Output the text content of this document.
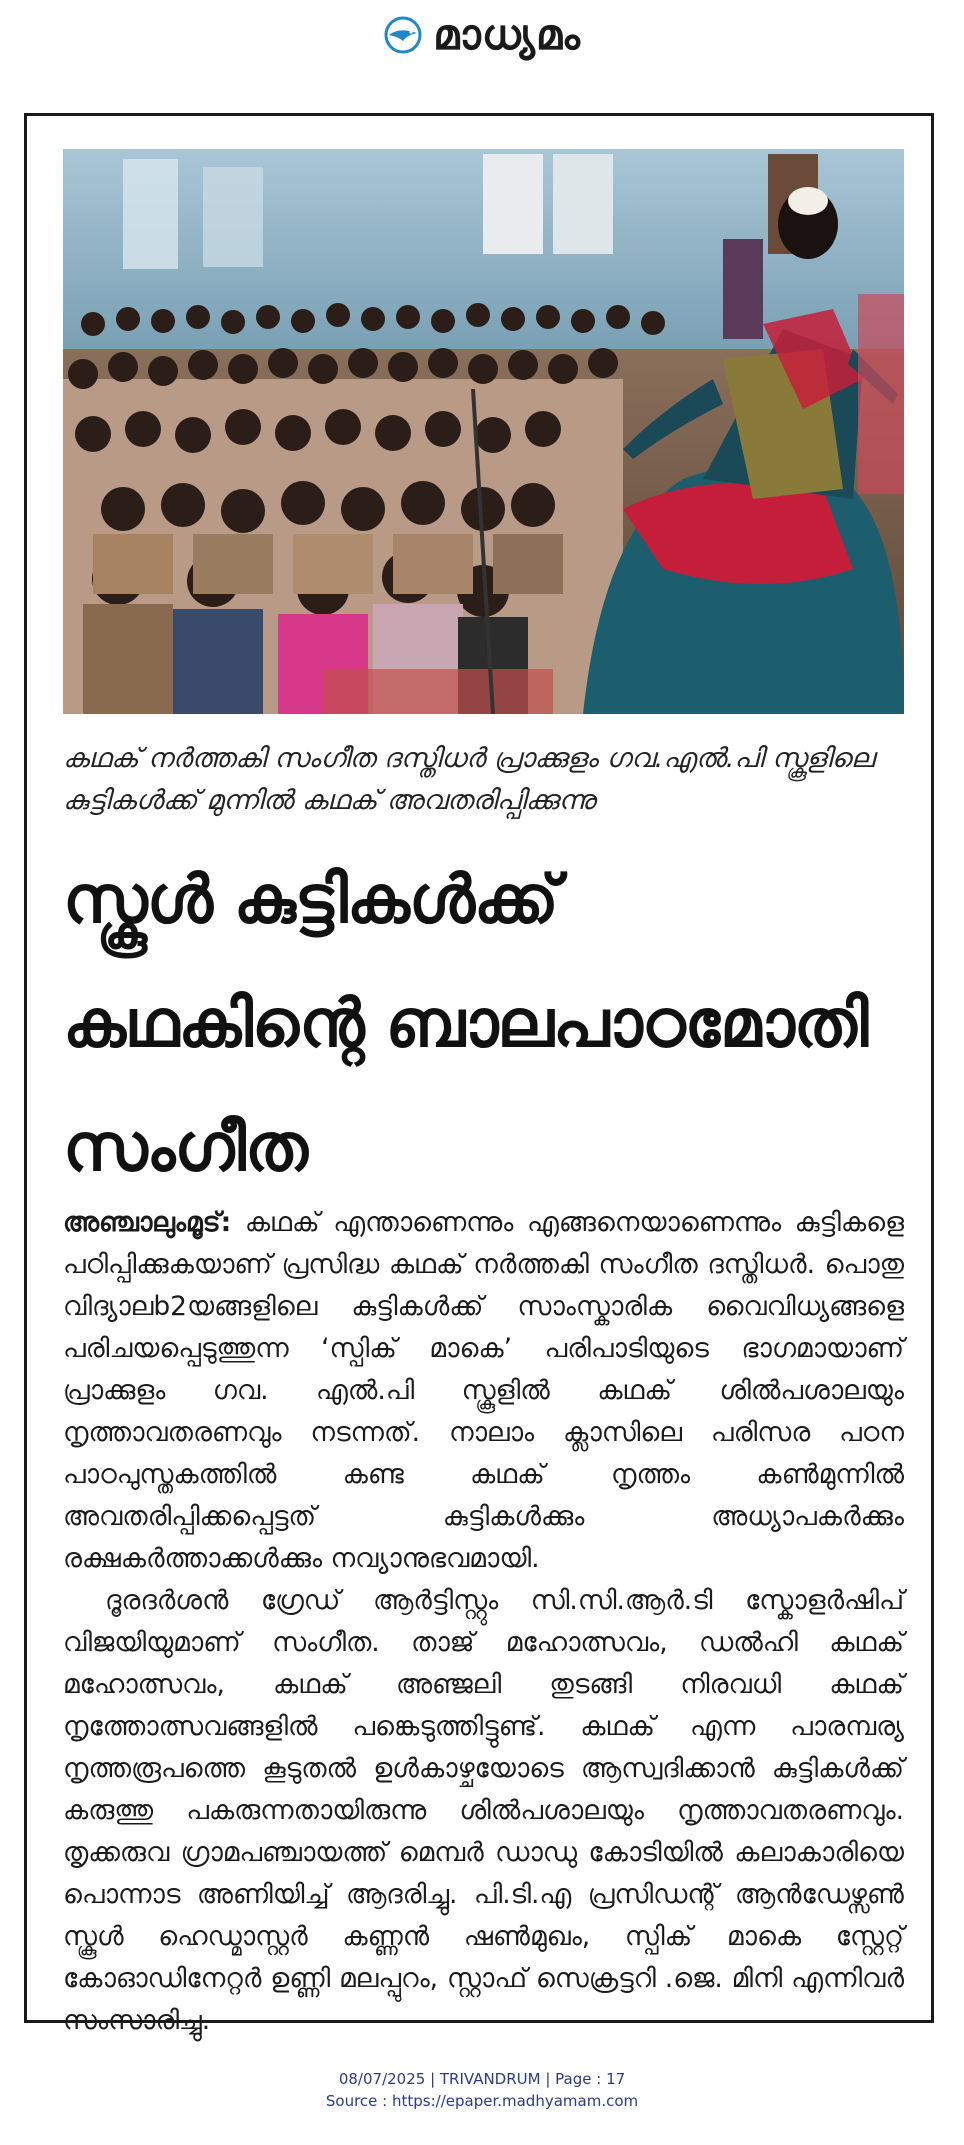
മാധ്യമം
കഥക് നർത്തകി സംഗീത ദസ്തിധർ പ്രാക്കുളം ഗവ.എൽ.പി സ്കൂളിലെ കുട്ടികൾക്ക് മുന്നിൽ കഥക് അവതരിപ്പിക്കുന്നു
സ്കൂൾ കുട്ടികൾക്ക്
കഥകിന്റെ ബാലപാഠമോതി
സംഗീത

അഞ്ചാലുംമൂട്: കഥക് എന്താണെന്നും എങ്ങനെയാണെന്നും കുട്ടികളെ പഠിപ്പിക്കുകയാണ് പ്രസിദ്ധ കഥക് നർത്തകി സംഗീത ദസ്തിധർ. പൊതു വിദ്യാലb2യങ്ങളിലെ കുട്ടികൾക്ക് സാംസ്കാരിക വൈവിധ്യങ്ങളെ പരിചയപ്പെടുത്തുന്ന ‘സ്പിക് മാകെ’ പരിപാടിയുടെ ഭാഗമായാണ് പ്രാക്കുളം ഗവ. എൽ.പി സ്കൂളിൽ കഥക് ശിൽപശാലയും നൃത്താവതരണവും നടന്നത്. നാലാം ക്ലാസിലെ പരിസര പഠന പാഠപുസ്തകത്തിൽ കണ്ട കഥക് നൃത്തം കൺമുന്നിൽ അവതരിപ്പിക്കപ്പെട്ടത് കുട്ടികൾക്കും അധ്യാപകർക്കും രക്ഷകർത്താക്കൾക്കും നവ്യാനുഭവമായി.

ദൂരദർശൻ ഗ്രേഡ് ആർട്ടിസ്റ്റും സി.സി.ആർ.ടി സ്കോളർഷിപ് വിജയിയുമാണ് സംഗീത. താജ് മഹോത്സവം, ഡൽഹി കഥക് മഹോത്സവം, കഥക് അഞ്ജലി തുടങ്ങി നിരവധി കഥക് നൃത്തോത്സവങ്ങളിൽ പങ്കെടുത്തിട്ടുണ്ട്. കഥക് എന്ന പാരമ്പര്യ നൃത്തരൂപത്തെ കൂടുതൽ ഉൾകാഴ്ചയോടെ ആസ്വദിക്കാൻ കുട്ടികൾക്ക് കരുത്തു പകരുന്നതായിരുന്നു ശിൽപശാലയും നൃത്താവതരണവും. തൃക്കരുവ ഗ്രാമപഞ്ചായത്ത് മെമ്പർ ഡാഡു കോടിയിൽ കലാകാരിയെ പൊന്നാട അണിയിച്ച് ആദരിച്ചു. പി.ടി.എ പ്രസിഡന്റ് ആൻഡേഴ്സൺ സ്കൂൾ ഹെഡ്മാസ്റ്റർ കണ്ണൻ ഷൺമുഖം, സ്പിക് മാകെ സ്റ്റേറ്റ് കോഓഡിനേറ്റർ ഉണ്ണി മലപ്പുറം, സ്റ്റാഫ് സെക്രട്ടറി .ജെ. മിനി എന്നിവർ സംസാരിച്ചു.

08/07/2025 | TRIVANDRUM | Page : 17
Source : https://epaper.madhyamam.com
